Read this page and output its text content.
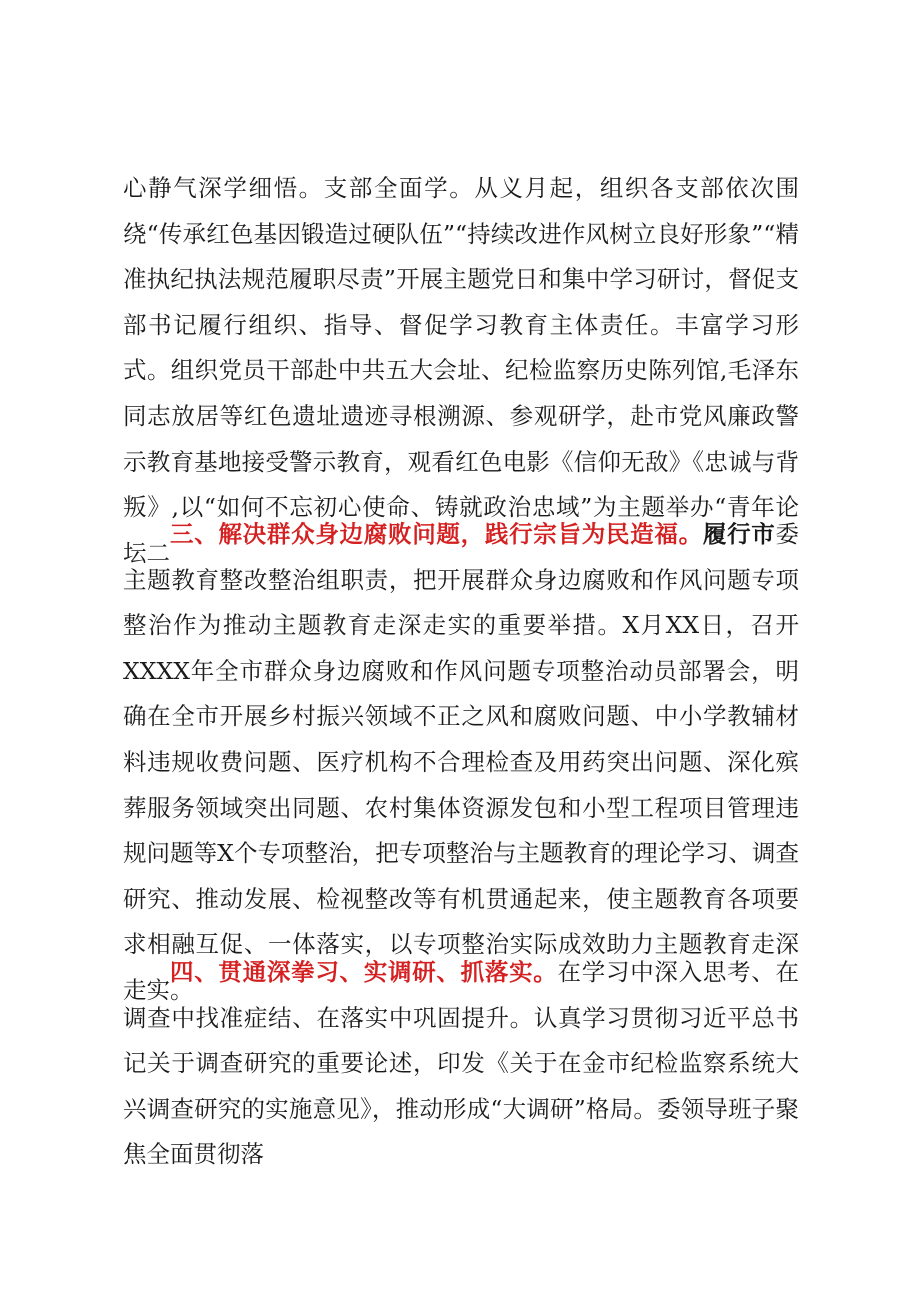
心静气深学细悟。支部全面学。从义月起，组织各支部依次围绕“传承红色基因锻造过硬队伍”“持续改进作风树立良好形象”“精准执纪执法规范履职尽责”开展主题党日和集中学习研讨，督促支部书记履行组织、指导、督促学习教育主体责任。丰富学习形式。组织党员干部赴中共五大会址、纪检监察历史陈列馆,毛泽东同志放居等红色遗址遗迹寻根溯源、参观研学，赴市党风廉政警示教育基地接受警示教育，观看红色电影《信仰无敌》《忠诚与背叛》,以“如何不忘初心使命、铸就政治忠域”为主题举办“青年论坛二

三、解决群众身边腐败问题，践行宗旨为民造福。履行市委主题教育整改整治组职责，把开展群众身边腐败和作风问题专项整治作为推动主题教育走深走实的重要举措。X月XX日，召开XXXX年全市群众身边腐败和作风问题专项整治动员部署会，明确在全市开展乡村振兴领域不正之风和腐败问题、中小学教辅材料违规收费问题、医疗机构不合理检查及用药突出问题、深化殡葬服务领域突出同题、农村集体资源发包和小型工程项目管理违规问题等X个专项整治，把专项整治与主题教育的理论学习、调查研究、推动发展、检视整改等有机贯通起来，使主题教育各项要求相融互促、一体落实，以专项整治实际成效助力主题教育走深走实。

四、贯通深拳习、实调研、抓落实。在学习中深入思考、在调查中找准症结、在落实中巩固提升。认真学习贯彻习近平总书记关于调查研究的重要论述，印发《关于在金市纪检监察系统大兴调查研究的实施意见》，推动形成“大调研”格局。委领导班子聚焦全面贯彻落
